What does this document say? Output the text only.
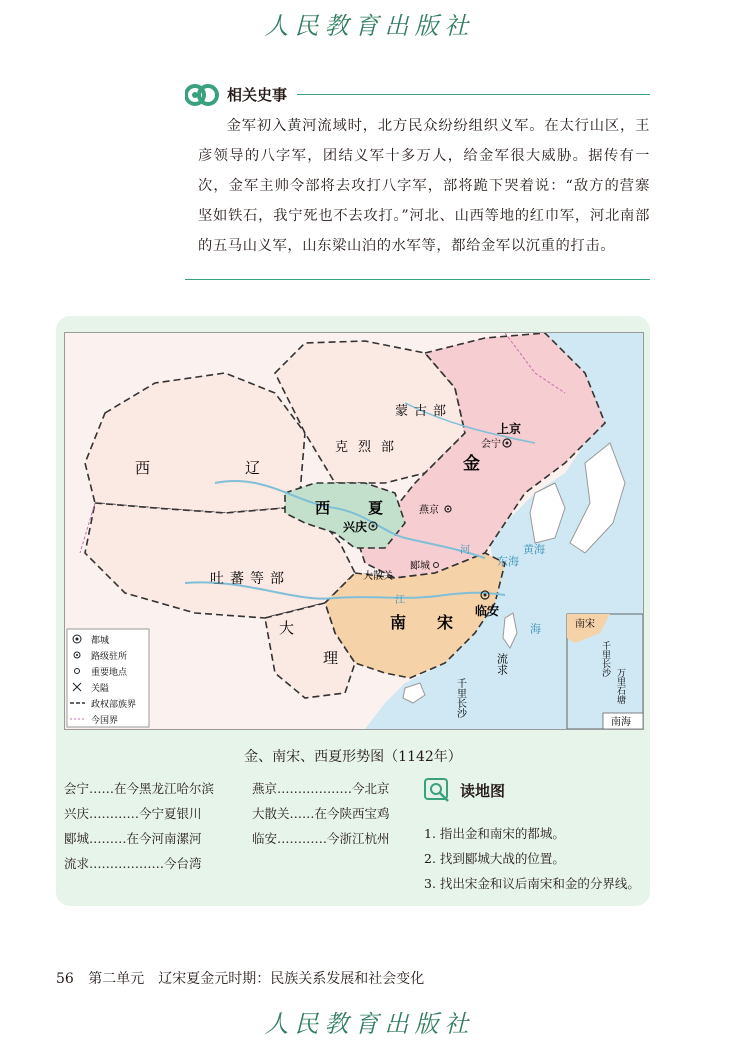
人民教育出版社
相关史事
金军初入黄河流域时，北方民众纷纷组织义军。在太行山区，王彦领导的八字军，团结义军十多万人，给金军很大威胁。据传有一次，金军主帅令部将去攻打八字军，部将跪下哭着说：“敌方的营寨坚如铁石，我宁死也不去攻打。”河北、山西等地的红巾军，河北南部的五马山义军，山东梁山泊的水军等，都给金军以沉重的打击。
西	辽
克烈部
蒙古部
金
西	夏
吐蕃等部
大
理
南 宋
上京
会宁
燕京
兴庆
郾城
大散关
临安
流求
千里长沙
东海
黄海
河
江
海
都城
路级驻所
重要地点
关隘
政权部族界
今国界
南宋
千里长沙
万里石塘
南海
金、南宋、西夏形势图（1142年）
会宁……在今黑龙江哈尔滨
兴庆…………今宁夏银川
郾城………在今河南漯河
流求………………今台湾
燕京………………今北京
大散关……在今陕西宝鸡
临安…………今浙江杭州
读地图
1. 指出金和南宋的都城。
2. 找到郾城大战的位置。
3. 找出宋金和议后南宋和金的分界线。
56 第二单元　辽宋夏金元时期：民族关系发展和社会变化
人民教育出版社
